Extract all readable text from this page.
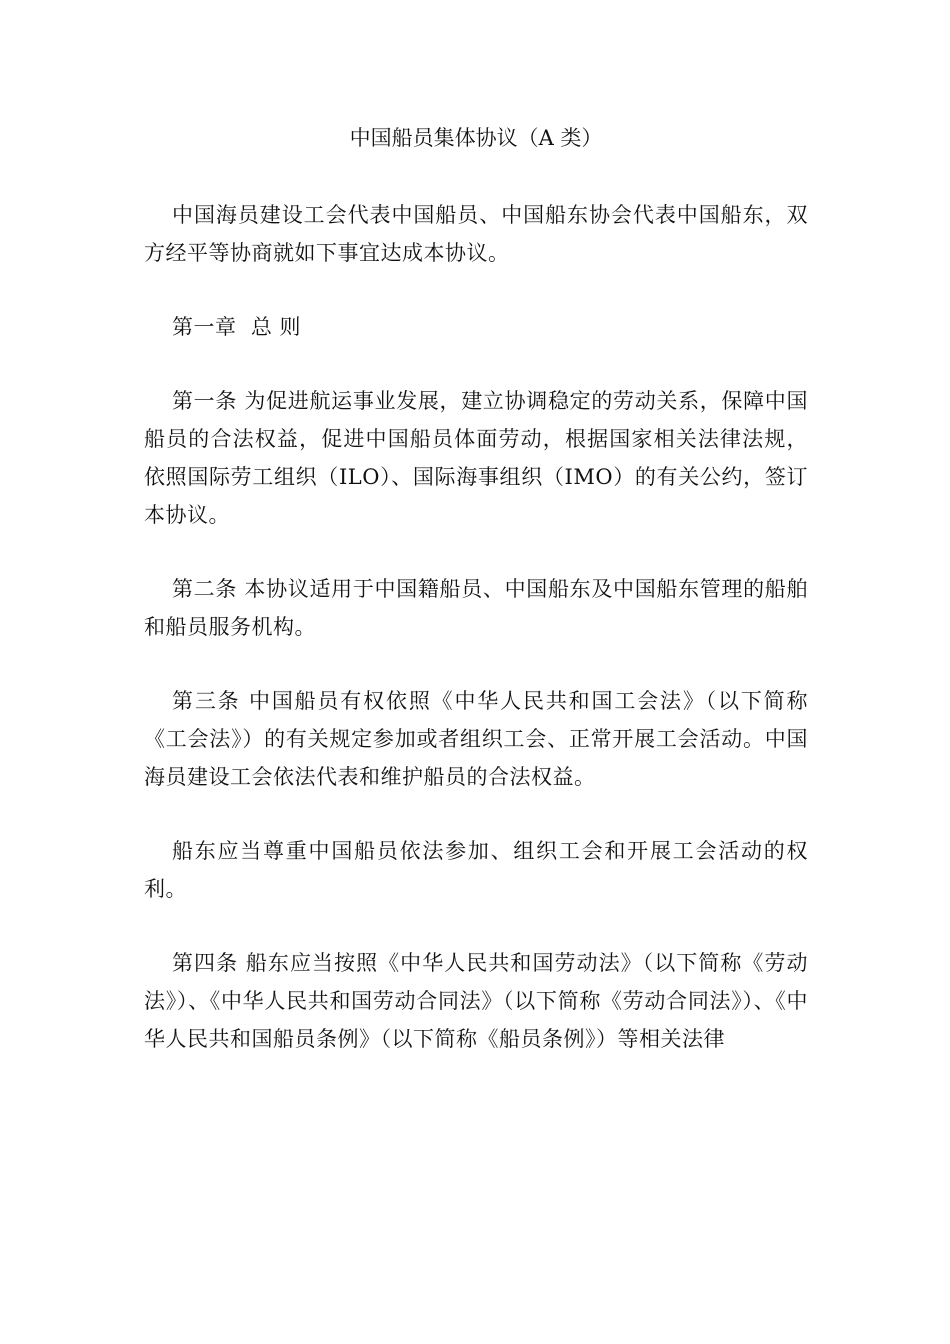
中国船员集体协议（A 类）

中国海员建设工会代表中国船员、中国船东协会代表中国船东，双方经平等协商就如下事宜达成本协议。

第一章  总 则

第一条 为促进航运事业发展，建立协调稳定的劳动关系，保障中国船员的合法权益，促进中国船员体面劳动，根据国家相关法律法规，依照国际劳工组织（ILO）、国际海事组织（IMO）的有关公约，签订本协议。

第二条 本协议适用于中国籍船员、中国船东及中国船东管理的船舶和船员服务机构。

第三条 中国船员有权依照《中华人民共和国工会法》（以下简称《工会法》）的有关规定参加或者组织工会、正常开展工会活动。中国海员建设工会依法代表和维护船员的合法权益。

船东应当尊重中国船员依法参加、组织工会和开展工会活动的权利。

第四条 船东应当按照《中华人民共和国劳动法》（以下简称《劳动法》）、《中华人民共和国劳动合同法》（以下简称《劳动合同法》）、《中华人民共和国船员条例》（以下简称《船员条例》）等相关法律
